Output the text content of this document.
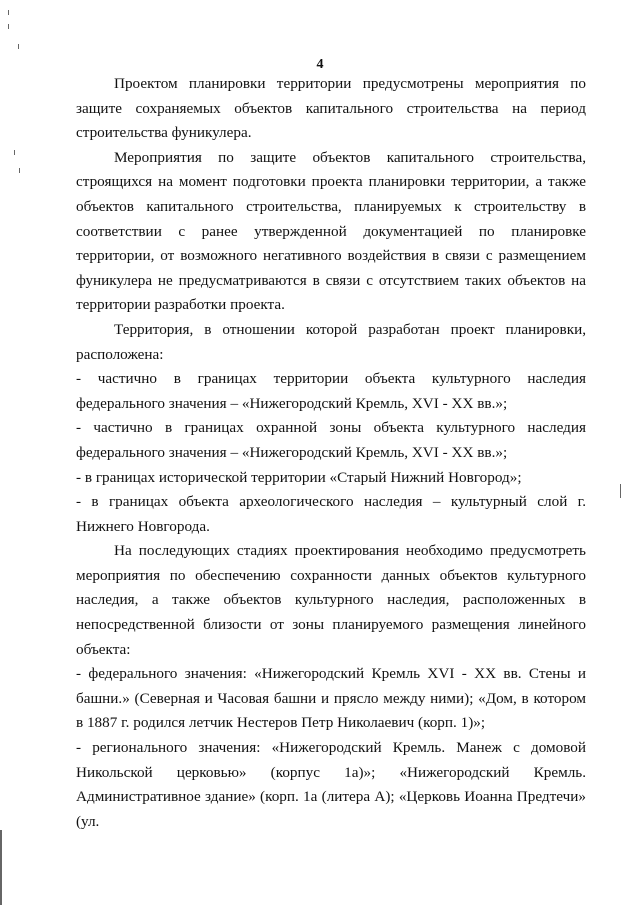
4

Проектом планировки территории предусмотрены мероприятия по защите сохраняемых объектов капитального строительства на период строительства фуникулера.

Мероприятия по защите объектов капитального строительства, строящихся на момент подготовки проекта планировки территории, а также объектов капитального строительства, планируемых к строительству в соответствии с ранее утвержденной документацией по планировке территории, от возможного негативного воздействия в связи с размещением фуникулера не предусматриваются в связи с отсутствием таких объектов на территории разработки проекта.

Территория, в отношении которой разработан проект планировки, расположена:

- частично в границах территории объекта культурного наследия федерального значения – «Нижегородский Кремль, XVI - XX вв.»;

- частично в границах охранной зоны объекта культурного наследия федерального значения – «Нижегородский Кремль, XVI - XX вв.»;

- в границах исторической территории «Старый Нижний Новгород»;

- в границах объекта археологического наследия – культурный слой г. Нижнего Новгорода.

На последующих стадиях проектирования необходимо предусмотреть мероприятия по обеспечению сохранности данных объектов культурного наследия, а также объектов культурного наследия, расположенных в непосредственной близости от зоны планируемого размещения линейного объекта:

- федерального значения: «Нижегородский Кремль XVI - XX вв. Стены и башни.» (Северная и Часовая башни и прясло между ними); «Дом, в котором в 1887 г. родился летчик Нестеров Петр Николаевич (корп. 1)»;

- регионального значения: «Нижегородский Кремль. Манеж с домовой Никольской церковью» (корпус 1а)»; «Нижегородский Кремль. Административное здание» (корп. 1а (литера А); «Церковь Иоанна Предтечи» (ул.
